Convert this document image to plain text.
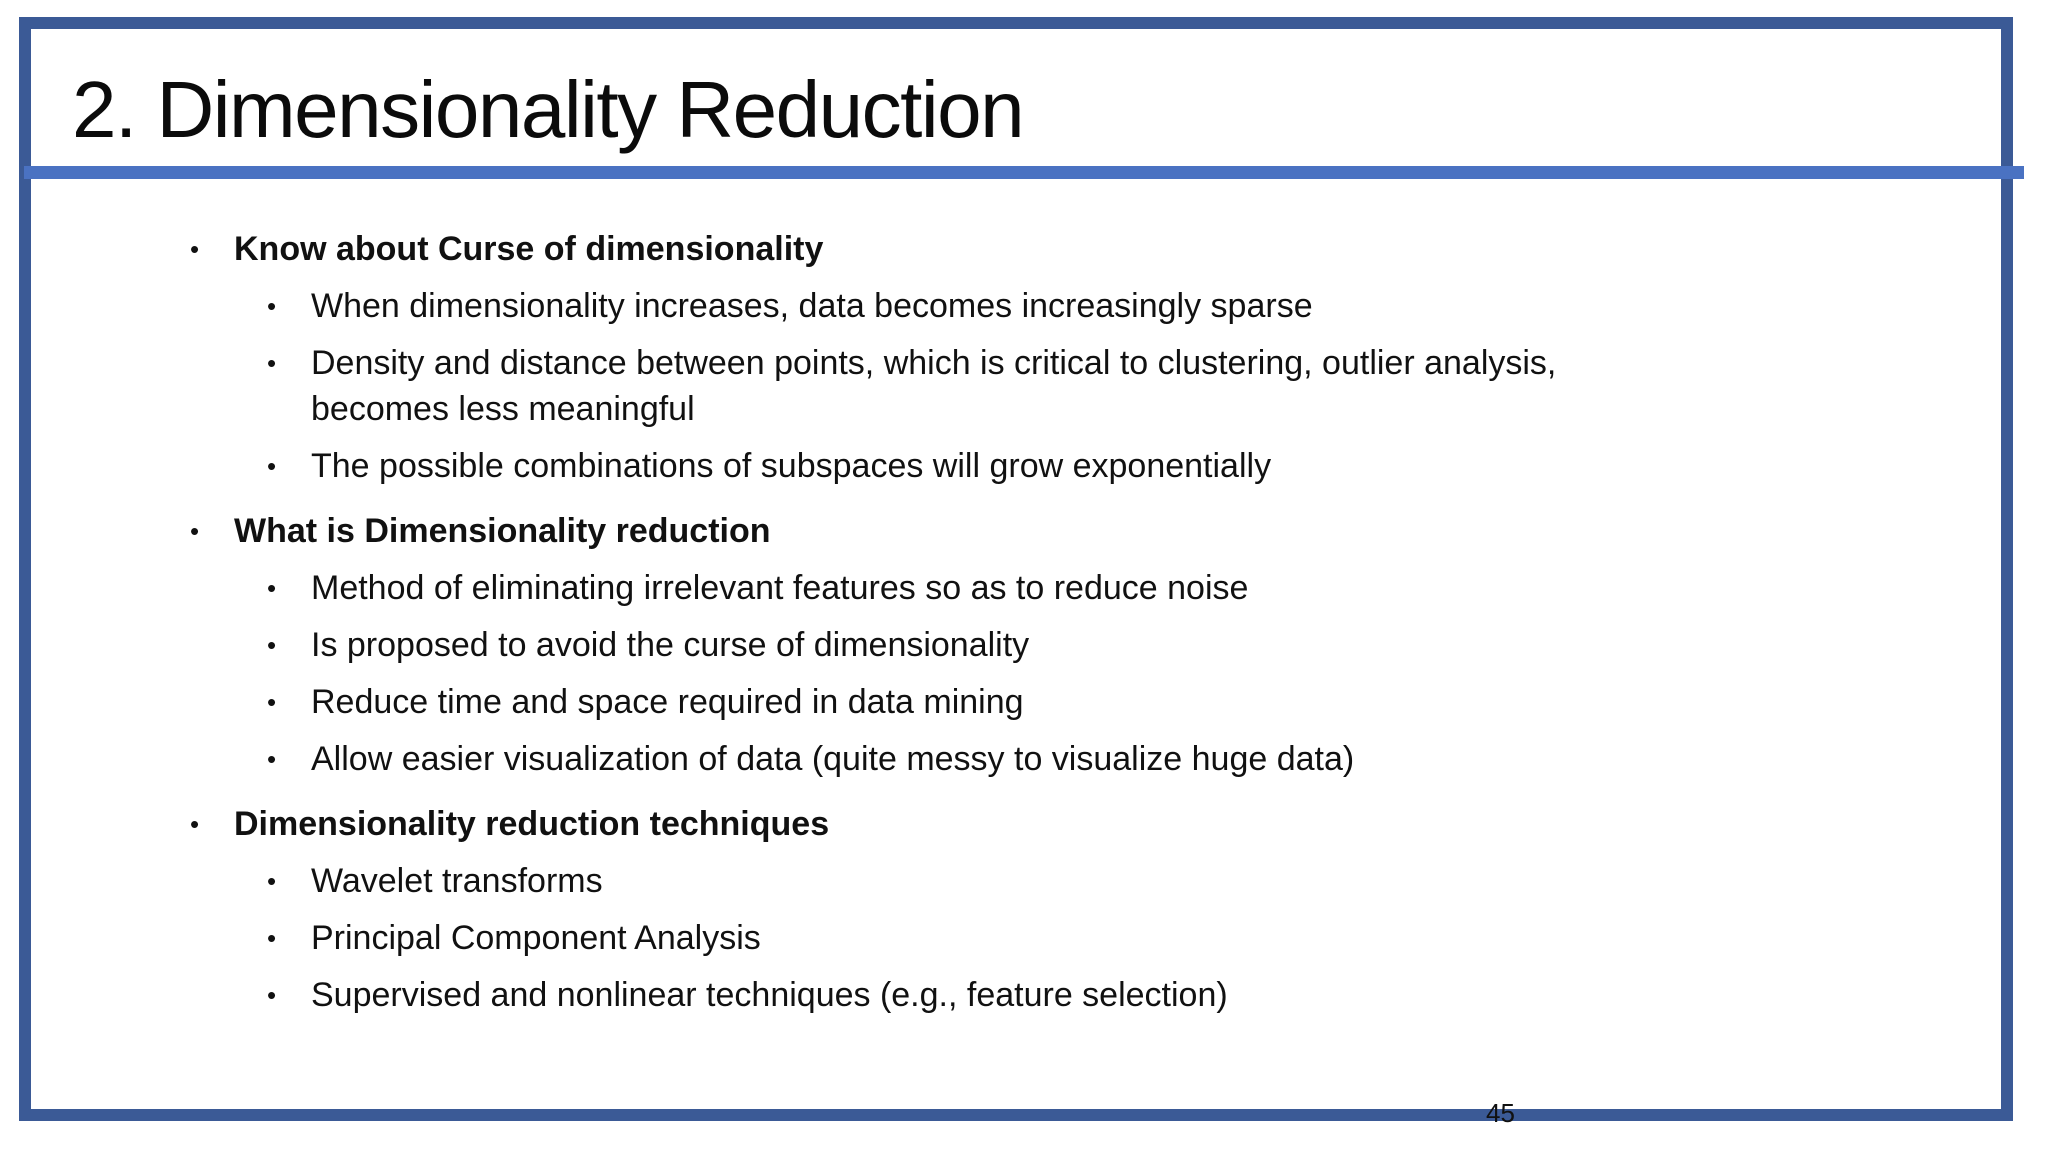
2. Dimensionality Reduction
•	Know about Curse of dimensionality
•	When dimensionality increases, data becomes increasingly sparse
•	Density and distance between points, which is critical to clustering, outlier analysis,
becomes less meaningful
•	The possible combinations of subspaces will grow exponentially
•	What is Dimensionality reduction
•	Method of eliminating irrelevant features so as to reduce noise
•	Is proposed to avoid the curse of dimensionality
•	Reduce time and space required in data mining
•	Allow easier visualization of data (quite messy to visualize huge data)
•	Dimensionality reduction techniques
•	Wavelet transforms
•	Principal Component Analysis
•	Supervised and nonlinear techniques (e.g., feature selection)
45
